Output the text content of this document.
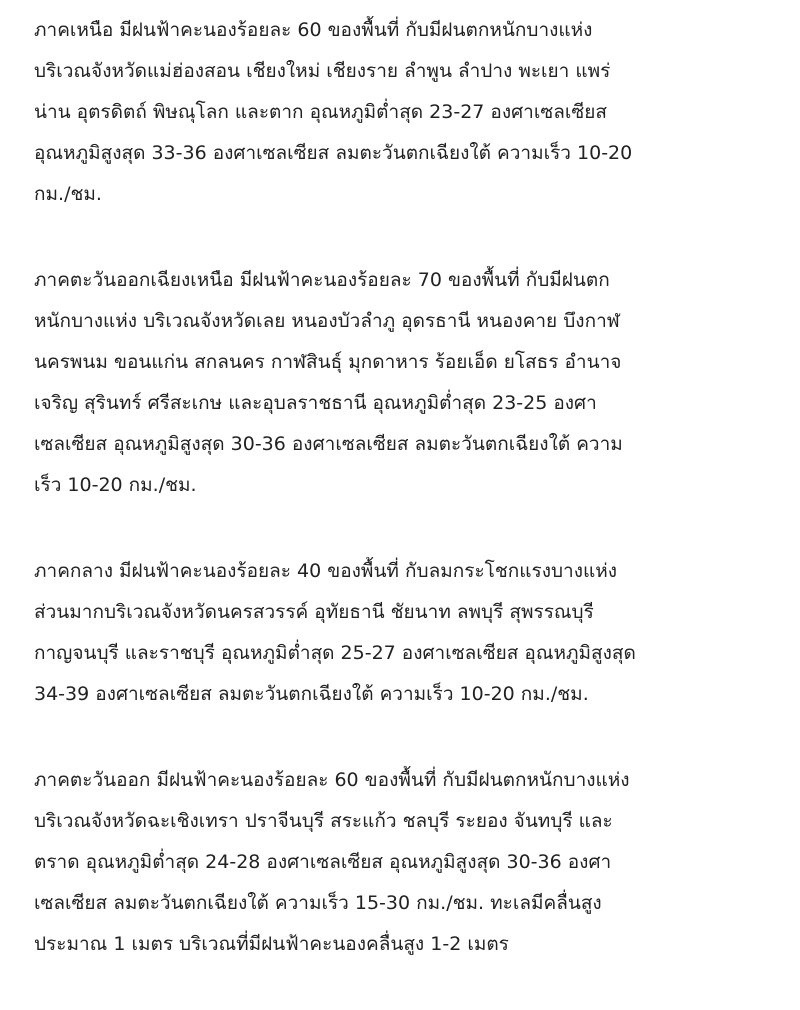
ภาคเหนือ มีฝนฟ้าคะนองร้อยละ 60 ของพื้นที่ กับมีฝนตกหนักบางแห่ง
บริเวณจังหวัดแม่ฮ่องสอน เชียงใหม่ เชียงราย ลำพูน ลำปาง พะเยา แพร่
น่าน อุตรดิตถ์ พิษณุโลก และตาก อุณหภูมิต่ำสุด 23-27 องศาเซลเซียส
อุณหภูมิสูงสุด 33-36 องศาเซลเซียส ลมตะวันตกเฉียงใต้ ความเร็ว 10-20
กม./ชม.
ภาคตะวันออกเฉียงเหนือ มีฝนฟ้าคะนองร้อยละ 70 ของพื้นที่ กับมีฝนตก
หนักบางแห่ง บริเวณจังหวัดเลย หนองบัวลำภู อุดรธานี หนองคาย บึงกาฬ
นครพนม ขอนแก่น สกลนคร กาฬสินธุ์ มุกดาหาร ร้อยเอ็ด ยโสธร อำนาจ
เจริญ สุรินทร์ ศรีสะเกษ และอุบลราชธานี อุณหภูมิต่ำสุด 23-25 องศา
เซลเซียส อุณหภูมิสูงสุด 30-36 องศาเซลเซียส ลมตะวันตกเฉียงใต้ ความ
เร็ว 10-20 กม./ชม.
ภาคกลาง มีฝนฟ้าคะนองร้อยละ 40 ของพื้นที่ กับลมกระโชกแรงบางแห่ง
ส่วนมากบริเวณจังหวัดนครสวรรค์ อุทัยธานี ชัยนาท ลพบุรี สุพรรณบุรี
กาญจนบุรี และราชบุรี อุณหภูมิต่ำสุด 25-27 องศาเซลเซียส อุณหภูมิสูงสุด
34-39 องศาเซลเซียส ลมตะวันตกเฉียงใต้ ความเร็ว 10-20 กม./ชม.
ภาคตะวันออก มีฝนฟ้าคะนองร้อยละ 60 ของพื้นที่ กับมีฝนตกหนักบางแห่ง
บริเวณจังหวัดฉะเชิงเทรา ปราจีนบุรี สระแก้ว ชลบุรี ระยอง จันทบุรี และ
ตราด อุณหภูมิต่ำสุด 24-28 องศาเซลเซียส อุณหภูมิสูงสุด 30-36 องศา
เซลเซียส ลมตะวันตกเฉียงใต้ ความเร็ว 15-30 กม./ชม. ทะเลมีคลื่นสูง
ประมาณ 1 เมตร บริเวณที่มีฝนฟ้าคะนองคลื่นสูง 1-2 เมตร
